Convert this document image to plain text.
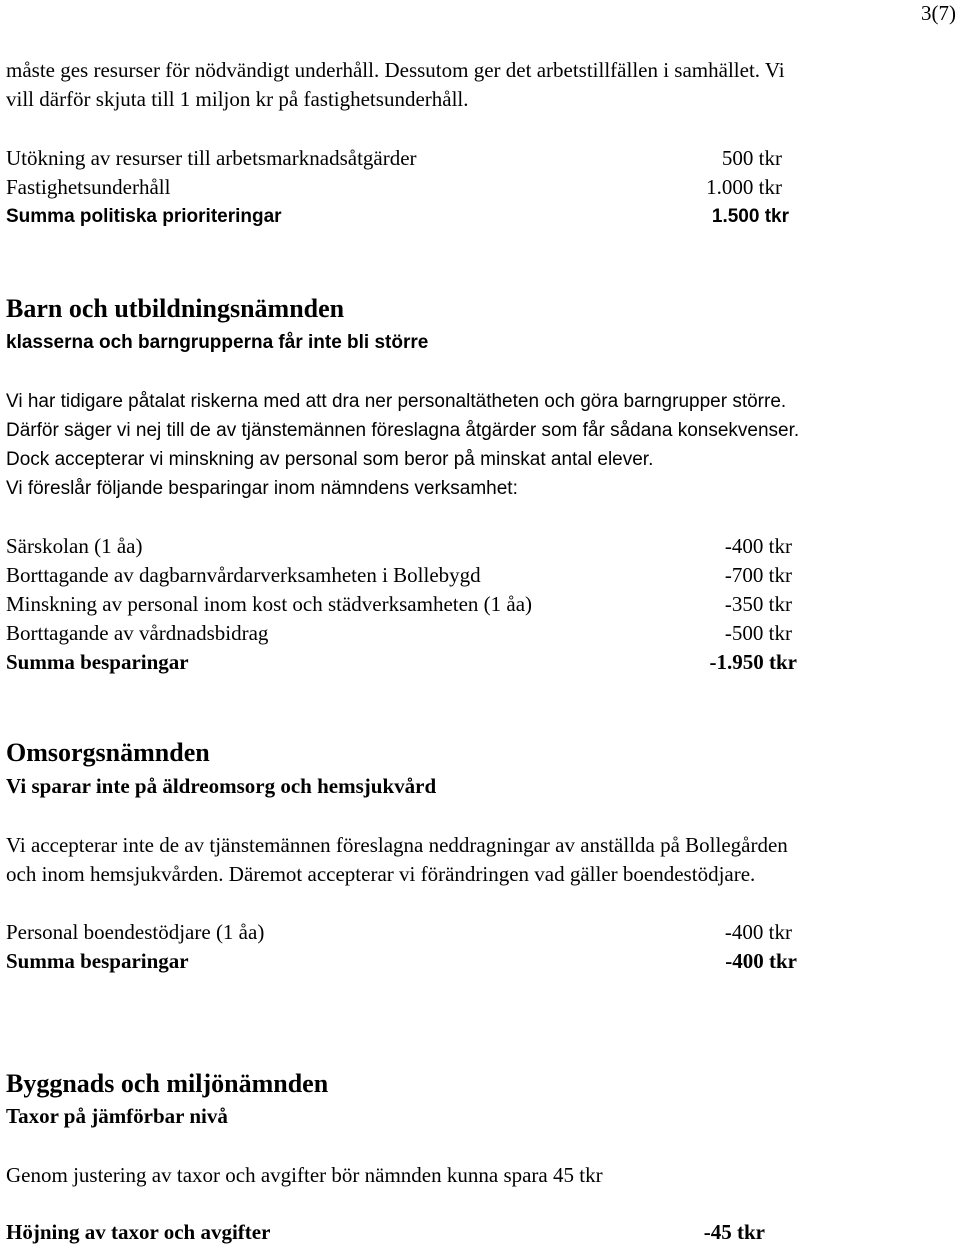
3(7)
måste ges resurser för nödvändigt underhåll. Dessutom ger det arbetstillfällen i samhället. Vi
vill därför skjuta till 1 miljon kr på fastighetsunderhåll.
Utökning av resurser till arbetsmarknadsåtgärder	500 tkr
Fastighetsunderhåll	1.000 tkr
Summa politiska prioriteringar	1.500 tkr
Barn och utbildningsnämnden
klasserna och barngrupperna får inte bli större
Vi har tidigare påtalat riskerna med att dra ner personaltätheten och göra barngrupper större.
Därför säger vi nej till de av tjänstemännen föreslagna åtgärder som får sådana konsekvenser.
Dock accepterar vi minskning av personal som beror på minskat antal elever.
Vi föreslår följande besparingar inom nämndens verksamhet:
Särskolan (1 åa)	-400 tkr
Borttagande av dagbarnvårdarverksamheten i Bollebygd	-700 tkr
Minskning av personal inom kost och städverksamheten (1 åa)	-350 tkr
Borttagande av vårdnadsbidrag	-500 tkr
Summa besparingar	-1.950 tkr
Omsorgsnämnden
Vi sparar inte på äldreomsorg och hemsjukvård
Vi accepterar inte de av tjänstemännen föreslagna neddragningar av anställda på Bollegården
och inom hemsjukvården. Däremot accepterar vi förändringen vad gäller boendestödjare.
Personal boendestödjare (1 åa)	-400 tkr
Summa besparingar	-400 tkr
Byggnads och miljönämnden
Taxor på jämförbar nivå
Genom justering av taxor och avgifter bör nämnden kunna spara 45 tkr
Höjning av taxor och avgifter	-45 tkr
